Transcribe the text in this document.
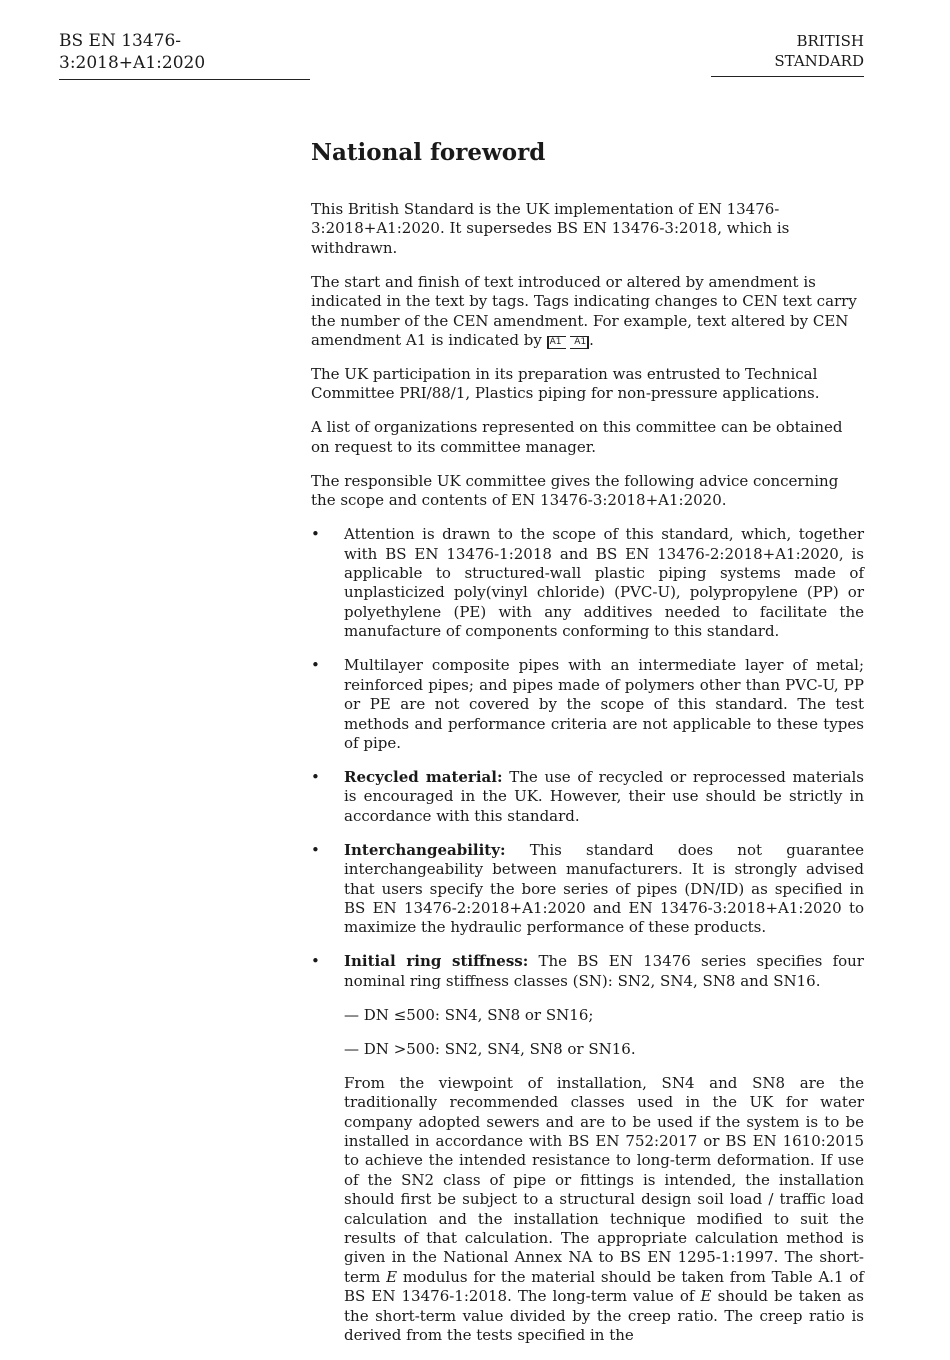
BS EN 13476-3:2018+A1:2020
BRITISH STANDARD
National foreword

This British Standard is the UK implementation of EN 13476-3:2018+A1:2020. It supersedes BS EN 13476-3:2018, which is withdrawn.

The start and finish of text introduced or altered by amendment is indicated in the text by tags. Tags indicating changes to CEN text carry the number of the CEN amendment. For example, text altered by CEN amendment A1 is indicated by A1 A1 .

The UK participation in its preparation was entrusted to Technical Committee PRI/88/1, Plastics piping for non-pressure applications.

A list of organizations represented on this committee can be obtained on request to its committee manager.

The responsible UK committee gives the following advice concerning the scope and contents of EN 13476-3:2018+A1:2020.

• Attention is drawn to the scope of this standard, which, together with BS EN 13476-1:2018 and BS EN 13476-2:2018+A1:2020, is applicable to structured-wall plastic piping systems made of unplasticized poly(vinyl chloride) (PVC-U), polypropylene (PP) or polyethylene (PE) with any additives needed to facilitate the manufacture of components conforming to this standard.
• Multilayer composite pipes with an intermediate layer of metal; reinforced pipes; and pipes made of polymers other than PVC-U, PP or PE are not covered by the scope of this standard. The test methods and performance criteria are not applicable to these types of pipe.
• Recycled material: The use of recycled or reprocessed materials is encouraged in the UK. However, their use should be strictly in accordance with this standard.
• Interchangeability: This standard does not guarantee interchangeability between manufacturers. It is strongly advised that users specify the bore series of pipes (DN/ID) as specified in BS EN 13476-2:2018+A1:2020 and EN 13476-3:2018+A1:2020 to maximize the hydraulic performance of these products.
• Initial ring stiffness: The BS EN 13476 series specifies four nominal ring stiffness classes (SN): SN2, SN4, SN8 and SN16.

— DN ≤500: SN4, SN8 or SN16;

— DN >500: SN2, SN4, SN8 or SN16.

From the viewpoint of installation, SN4 and SN8 are the traditionally recommended classes used in the UK for water company adopted sewers and are to be used if the system is to be installed in accordance with BS EN 752:2017 or BS EN 1610:2015 to achieve the intended resistance to long-term deformation. If use of the SN2 class of pipe or fittings is intended, the installation should first be subject to a structural design soil load / traffic load calculation and the installation technique modified to suit the results of that calculation. The appropriate calculation method is given in the National Annex NA to BS EN 1295-1:1997. The short-term E modulus for the material should be taken from Table A.1 of BS EN 13476-1:2018. The long-term value of E should be taken as the short-term value divided by the creep ratio. The creep ratio is derived from the tests specified in the
